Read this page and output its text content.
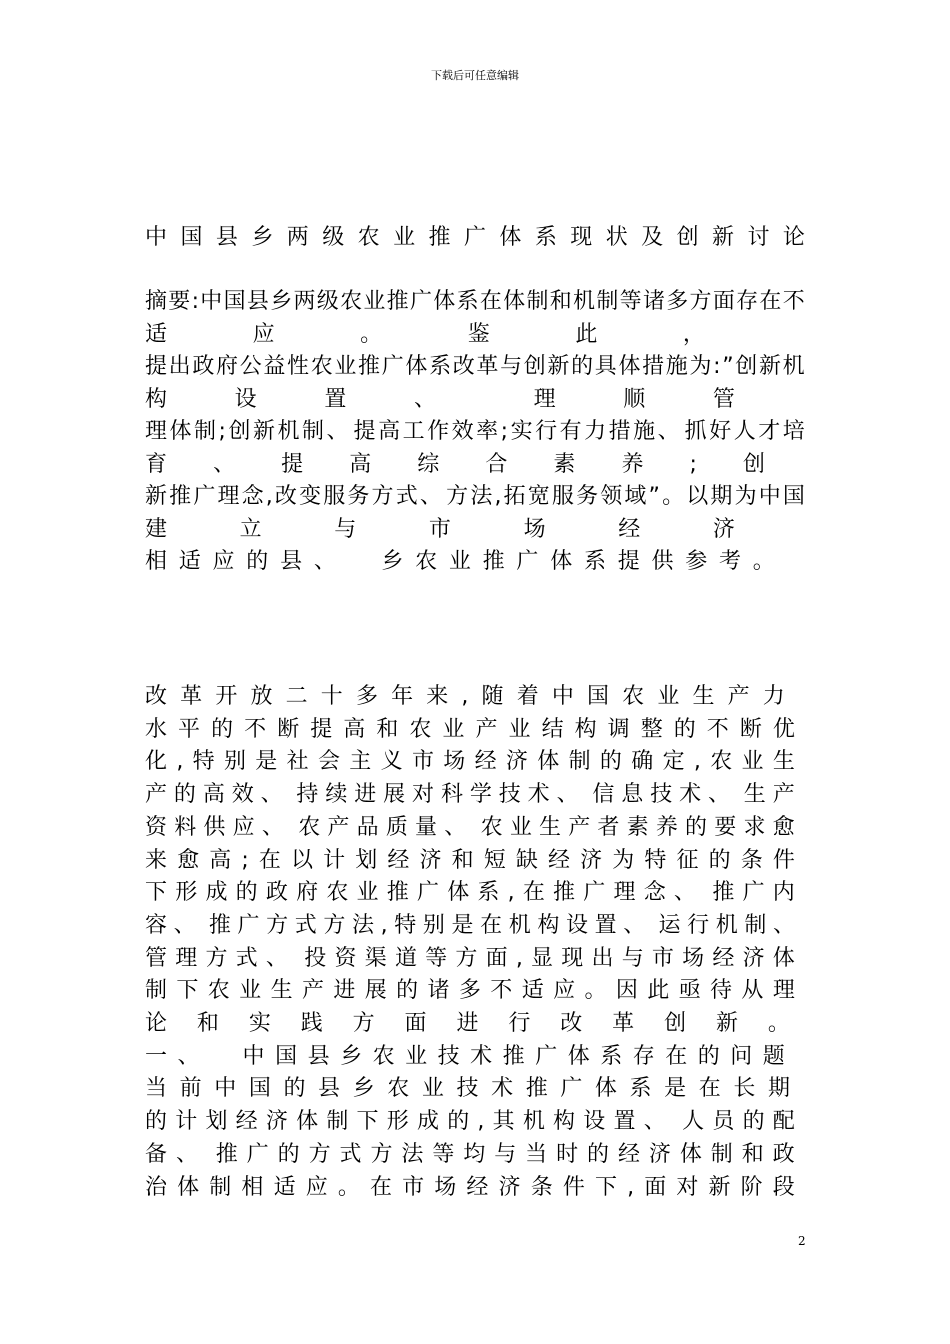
下载后可任意编辑
中 国 县 乡 两 级 农 业 推 广 体 系 现 状 及 创 新 讨 论
摘 要 : 中 国 县 乡 两 级 农 业 推 广 体 系 在 体 制 和 机 制 等 诸 多 方 面 存 在 不
适

　	应

　	。

　	鉴

　	此

　	，
提 出 政 府 公 益 性 农 业 推 广 体 系 改 革 与 创 新 的 具 体 措 施 为 : ” 创 新 机
构

　	设

　	置

　	、

　	理

　	顺

　	管
理 体 制 ; 创 新 机 制 、 提 高 工 作 效 率 ; 实 行 有 力 措 施 、 抓 好 人 才 培
育

　 、

　 提

　 高

　 综

　 合

　 素

　 养

　 ;

　 创
新 推 广 理 念 , 改 变 服 务 方 式 、 方 法 , 拓 宽 服 务 领 域 ” 。 以 期 为 中 国
建

　	立

　	与

　	市

　	场

　	经

　	济
相 适 应 的 县 、
　 乡 农 业 推 广 体 系 提 供 参 考 。
改 革 开 放 二 十 多 年 来 , 随 着 中 国 农 业 生 产 力
水 平 的 不 断 提 高 和 农 业 产 业 结 构 调 整 的 不 断 优
化 , 特 别 是 社 会 主 义 市 场 经 济 体 制 的 确 定 , 农 业 生
产 的 高 效 、 持 续 进 展 对 科 学 技 术 、 信 息 技 术 、 生 产
资 料 供 应 、 农 产 品 质 量 、 农 业 生 产 者 素 养 的 要 求 愈
来 愈 高 ; 在 以 计 划 经 济 和 短 缺 经 济 为 特 征 的 条 件
下 形 成 的 政 府 农 业 推 广 体 系 , 在 推 广 理 念 、 推 广 内
容 、 推 广 方 式 方 法 , 特 别 是 在 机 构 设 置 、 运 行 机 制 、
管 理 方 式 、 投 资 渠 道 等 方 面 , 显 现 出 与 市 场 经 济 体
制 下 农 业 生 产 进 展 的 诸 多 不 适 应 。 因 此 亟 待 从 理
论
　 和
　 实
　 践
　 方
　 面
　 进
　 行
　 改
　 革
　 创
　 新
　 。
一 、
　 中 国 县 乡 农 业 技 术 推 广 体 系 存 在 的 问 题
当 前 中 国 的 县 乡 农 业 技 术 推 广 体 系 是 在 长 期
的 计 划 经 济 体 制 下 形 成 的 , 其 机 构 设 置 、 人 员 的 配
备 、 推 广 的 方 式 方 法 等 均 与 当 时 的 经 济 体 制 和 政
治 体 制 相 适 应 。 在 市 场 经 济 条 件 下 , 面 对 新 阶 段
2
